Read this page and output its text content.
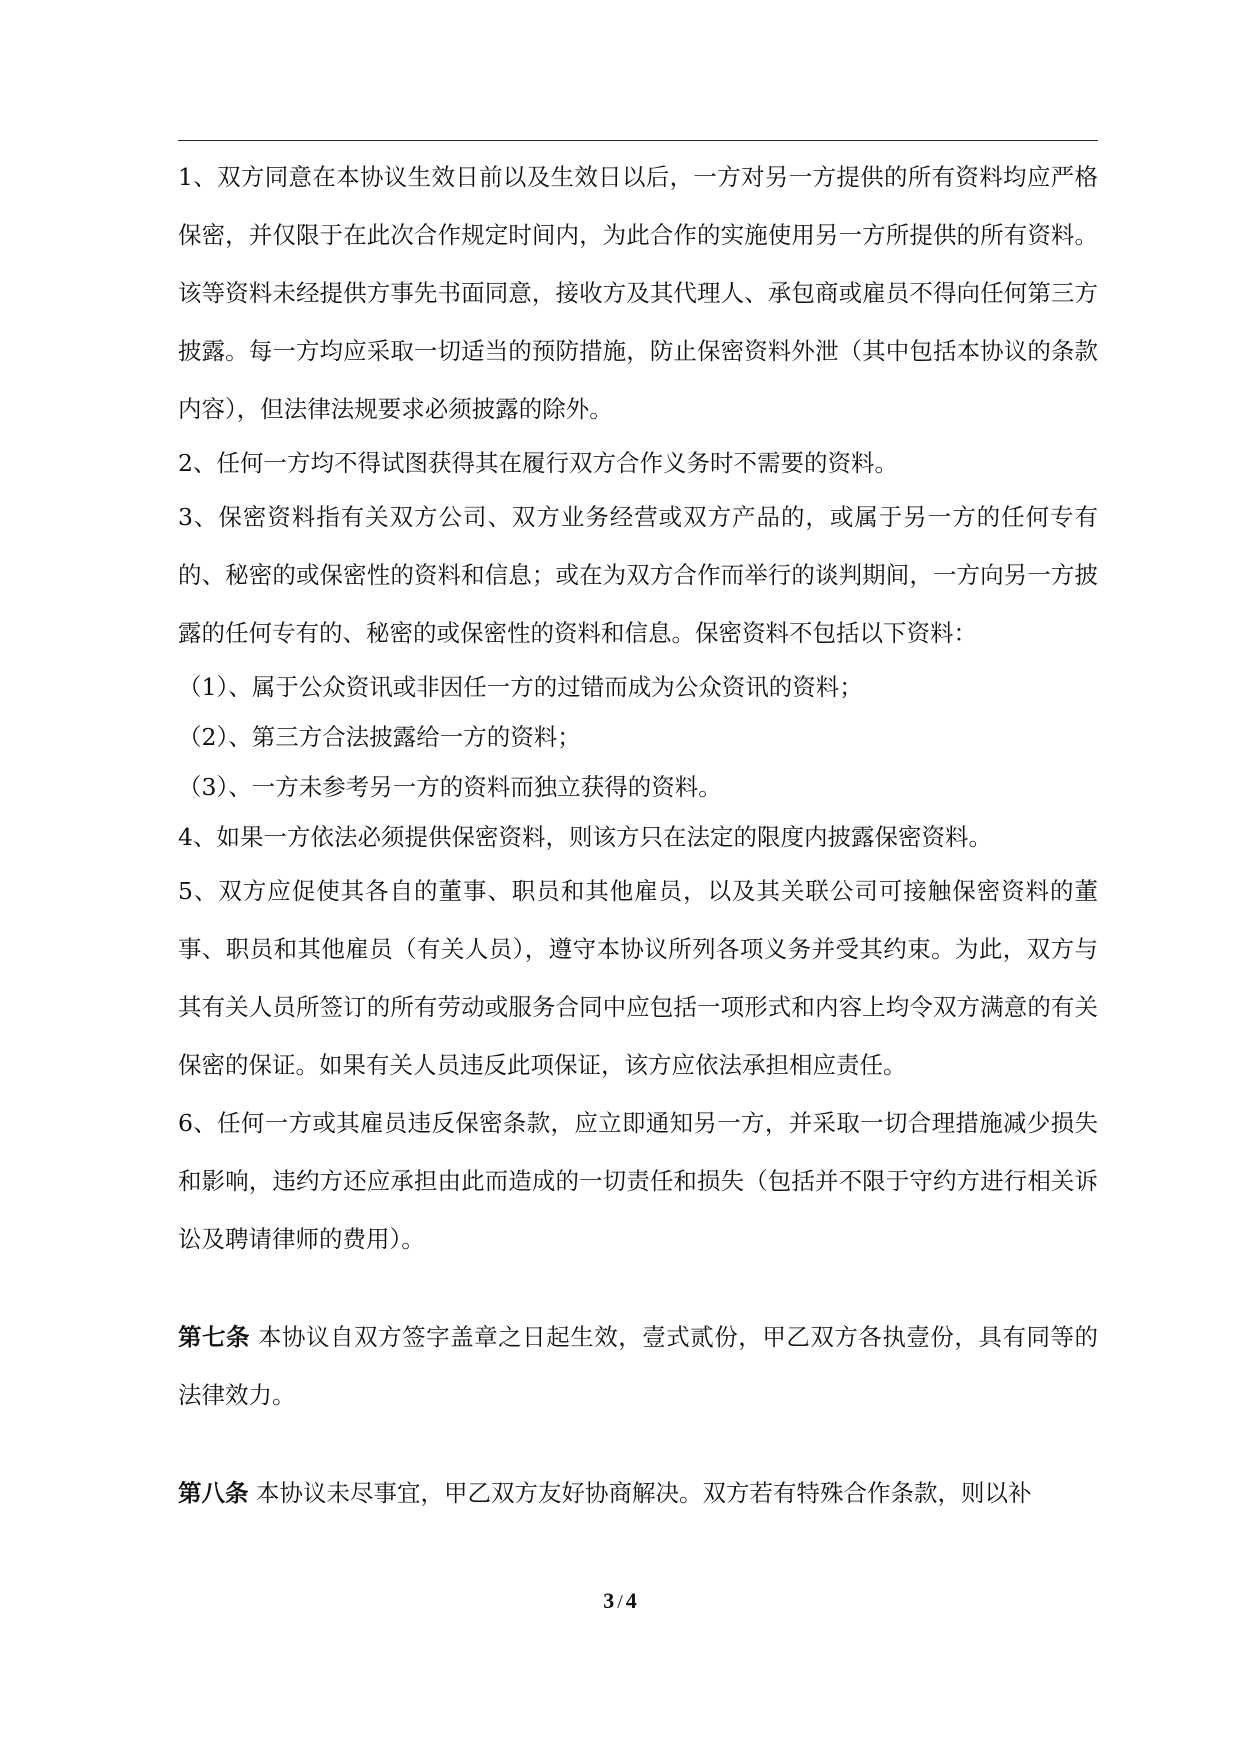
1、双方同意在本协议生效日前以及生效日以后，一方对另一方提供的所有资料均应严格保密，并仅限于在此次合作规定时间内，为此合作的实施使用另一方所提供的所有资料。该等资料未经提供方事先书面同意，接收方及其代理人、承包商或雇员不得向任何第三方披露。每一方均应采取一切适当的预防措施，防止保密资料外泄（其中包括本协议的条款内容），但法律法规要求必须披露的除外。

2、任何一方均不得试图获得其在履行双方合作义务时不需要的资料。

3、保密资料指有关双方公司、双方业务经营或双方产品的，或属于另一方的任何专有的、秘密的或保密性的资料和信息；或在为双方合作而举行的谈判期间，一方向另一方披露的任何专有的、秘密的或保密性的资料和信息。保密资料不包括以下资料：

（1）、属于公众资讯或非因任一方的过错而成为公众资讯的资料；

（2）、第三方合法披露给一方的资料；

（3）、一方未参考另一方的资料而独立获得的资料。

4、如果一方依法必须提供保密资料，则该方只在法定的限度内披露保密资料。

5、双方应促使其各自的董事、职员和其他雇员，以及其关联公司可接触保密资料的董事、职员和其他雇员（有关人员），遵守本协议所列各项义务并受其约束。为此，双方与其有关人员所签订的所有劳动或服务合同中应包括一项形式和内容上均令双方满意的有关保密的保证。如果有关人员违反此项保证，该方应依法承担相应责任。

6、任何一方或其雇员违反保密条款，应立即通知另一方，并采取一切合理措施减少损失和影响，违约方还应承担由此而造成的一切责任和损失（包括并不限于守约方进行相关诉讼及聘请律师的费用）。

第七条 本协议自双方签字盖章之日起生效，壹式贰份，甲乙双方各执壹份，具有同等的法律效力。

第八条 本协议未尽事宜，甲乙双方友好协商解决。双方若有特殊合作条款，则以补

3 / 4
